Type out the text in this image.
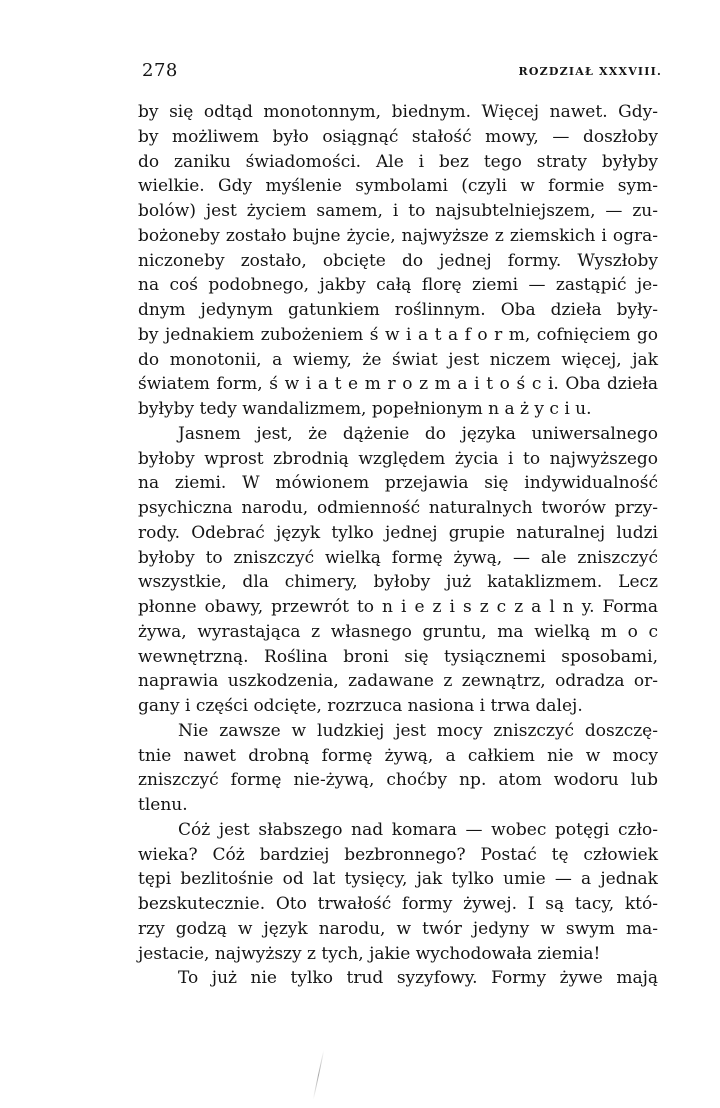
278	ROZDZIAŁ XXXVIII.
by się odtąd monotonnym, biednym. Więcej nawet. Gdy-
by możliwem było osiągnąć stałość mowy, — doszłoby
do zaniku świadomości. Ale i bez tego straty byłyby
wielkie. Gdy myślenie symbolami (czyli w formie sym-
bolów) jest życiem samem, i to najsubtelniejszem, — zu-
bożoneby zostało bujne życie, najwyższe z ziemskich i ogra-
niczoneby zostało, obcięte do jednej formy. Wyszłoby
na coś podobnego, jakby całą florę ziemi — zastąpić je-
dnym jedynym gatunkiem roślinnym. Oba dzieła były-
by jednakiem zubożeniem ś w i a t a f o r m, cofnięciem go
do monotonii, a wiemy, że świat jest niczem więcej, jak
światem form, ś w i a t e m r o z m a i t o ś c i. Oba dzieła
byłyby tedy wandalizmem, popełnionym n a ż y c i u.
Jasnem jest, że dążenie do języka uniwersalnego
byłoby wprost zbrodnią względem życia i to najwyższego
na ziemi. W mówionem przejawia się indywidualność
psychiczna narodu, odmienność naturalnych tworów przy-
rody. Odebrać język tylko jednej grupie naturalnej ludzi
byłoby to zniszczyć wielką formę żywą, — ale zniszczyć
wszystkie, dla chimery, byłoby już kataklizmem. Lecz
płonne obawy, przewrót to n i e z i s z c z a l n y. Forma
żywa, wyrastająca z własnego gruntu, ma wielką m o c
wewnętrzną. Roślina broni się tysiącznemi sposobami,
naprawia uszkodzenia, zadawane z zewnątrz, odradza or-
gany i części odcięte, rozrzuca nasiona i trwa dalej.
Nie zawsze w ludzkiej jest mocy zniszczyć doszczę-
tnie nawet drobną formę żywą, a całkiem nie w mocy
zniszczyć formę nie-żywą, choćby np. atom wodoru lub
tlenu.
Cóż jest słabszego nad komara — wobec potęgi czło-
wieka? Cóż bardziej bezbronnego? Postać tę człowiek
tępi bezlitośnie od lat tysięcy, jak tylko umie — a jednak
bezskutecznie. Oto trwałość formy żywej. I są tacy, któ-
rzy godzą w język narodu, w twór jedyny w swym ma-
jestacie, najwyższy z tych, jakie wychodowała ziemia!
To już nie tylko trud syzyfowy. Formy żywe mają
